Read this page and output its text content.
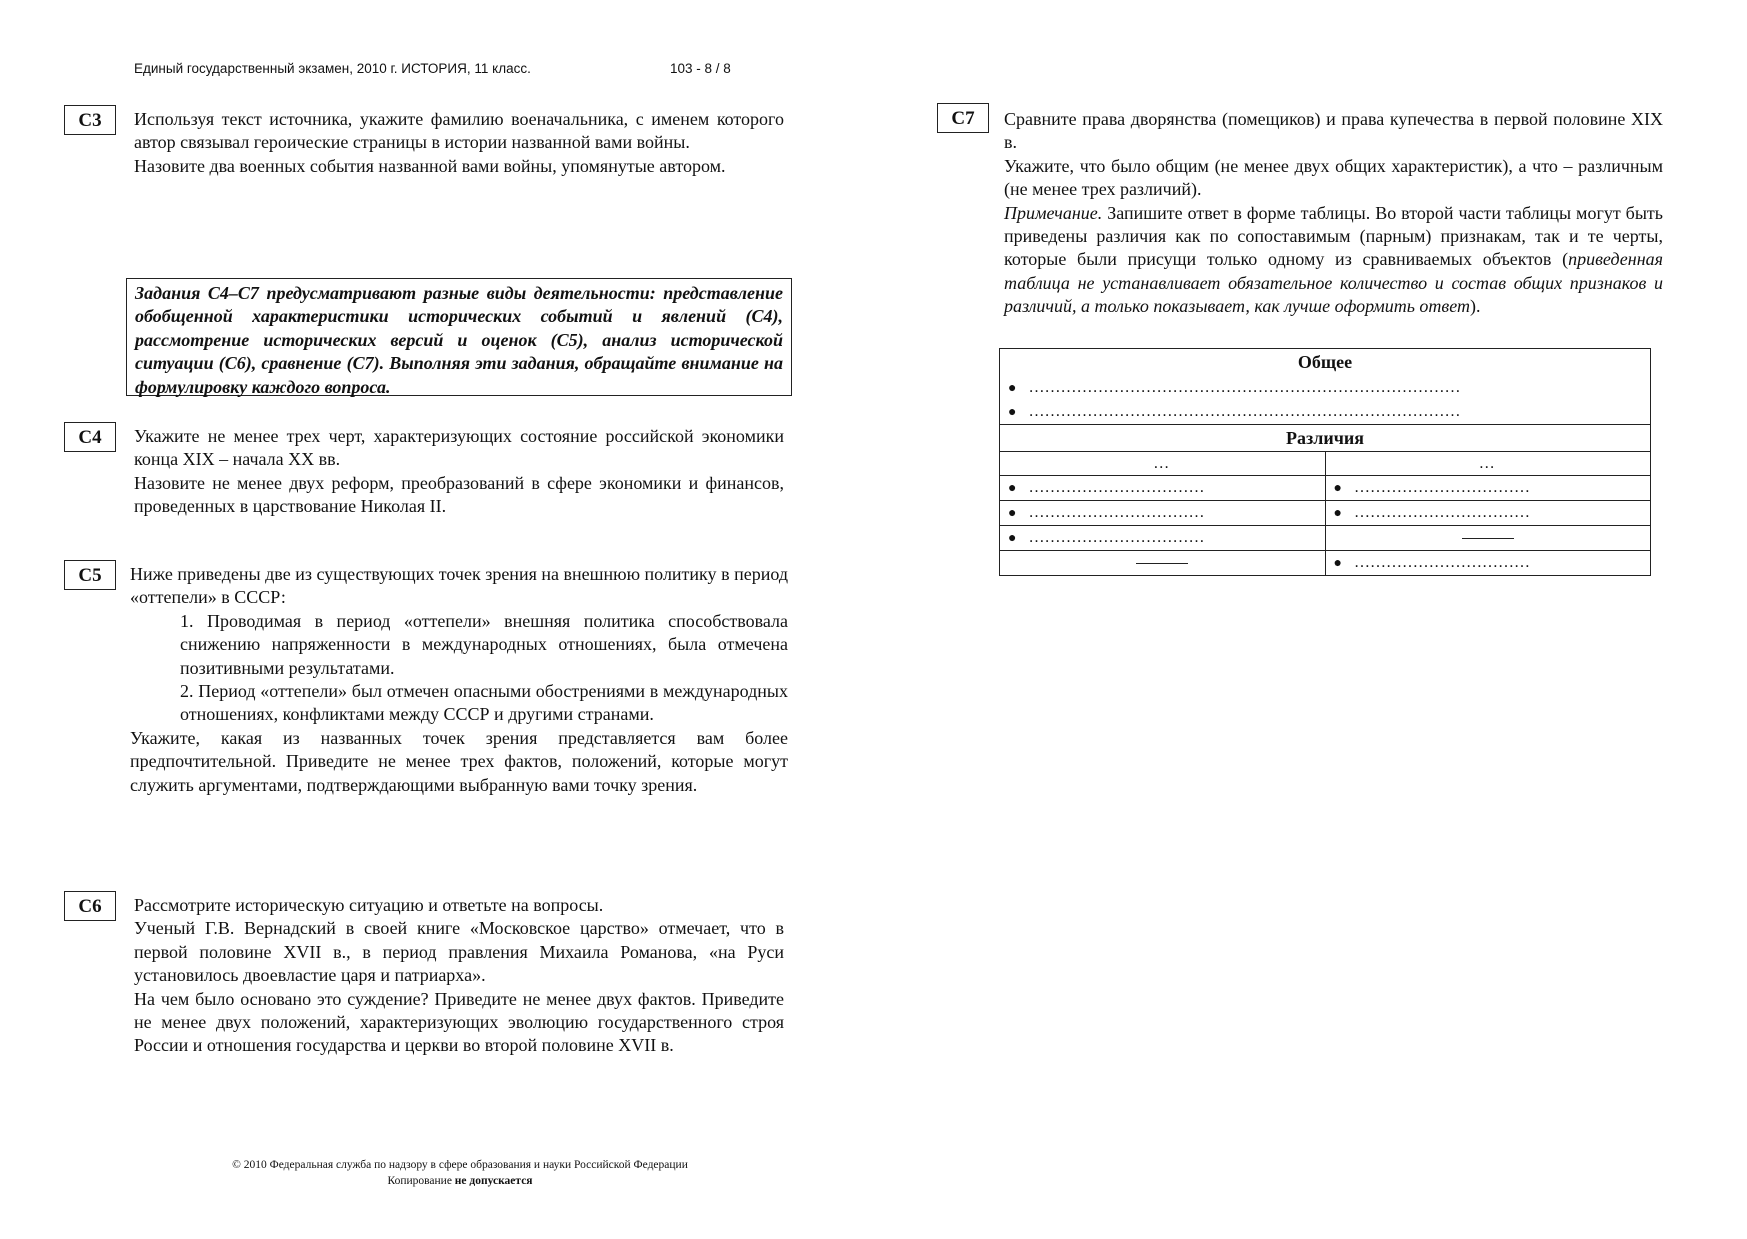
Единый государственный экзамен, 2010 г. ИСТОРИЯ, 11 класс.	103 - 8 / 8
С3	Используя текст источника, укажите фамилию военачальника, с именем которого автор связывал героические страницы в истории названной вами войны.

Назовите два военных события названной вами войны, упомянутые автором.

Задания С4–С7 предусматривают разные виды деятельности: представление обобщенной характеристики исторических событий и явлений (С4), рассмотрение исторических версий и оценок (С5), анализ исторической ситуации (С6), сравнение (С7). Выполняя эти задания, обращайте внимание на формулировку каждого вопроса.
С4	Укажите не менее трех черт, характеризующих состояние российской экономики конца XIX – начала XX вв.

Назовите не менее двух реформ, преобразований в сфере экономики и финансов, проведенных в царствование Николая II.

С5	Ниже приведены две из существующих точек зрения на внешнюю политику в период «оттепели» в СССР:

1. Проводимая в период «оттепели» внешняя политика способствовала снижению напряженности в международных отношениях, была отмечена позитивными результатами.

2. Период «оттепели» был отмечен опасными обострениями в международных отношениях, конфликтами между СССР и другими странами.

Укажите, какая из названных точек зрения представляется вам более предпочтительной. Приведите не менее трех фактов, положений, которые могут служить аргументами, подтверждающими выбранную вами точку зрения.

С6	Рассмотрите историческую ситуацию и ответьте на вопросы.

Ученый Г.В. Вернадский в своей книге «Московское царство» отмечает, что в первой половине XVII в., в период правления Михаила Романова, «на Руси установилось двоевластие царя и патриарха».

На чем было основано это суждение? Приведите не менее двух фактов. Приведите не менее двух положений, характеризующих эволюцию государственного строя России и отношения государства и церкви во второй половине XVII в.

С7	Сравните права дворянства (помещиков) и права купечества в первой половине XIX в.

Укажите, что было общим (не менее двух общих характеристик), а что – различным (не менее трех различий).

Примечание. Запишите ответ в форме таблицы. Во второй части таблицы могут быть приведены различия как по сопоставимым (парным) признакам, так и те черты, которые были присущи только одному из сравниваемых объектов (приведенная таблица не устанавливает обязательное количество и состав общих признаков и различий, а только показывает, как лучше оформить ответ).

Общее
● ………………………………………………………………………
● ………………………………………………………………………	

Различия	
…	…

● ……………………………	● ……………………………

● ……………………………	● ……………………………

● ……………………………	

	● ……………………………
© 2010 Федеральная служба по надзору в сфере образования и науки Российской Федерации
Копирование не допускается
